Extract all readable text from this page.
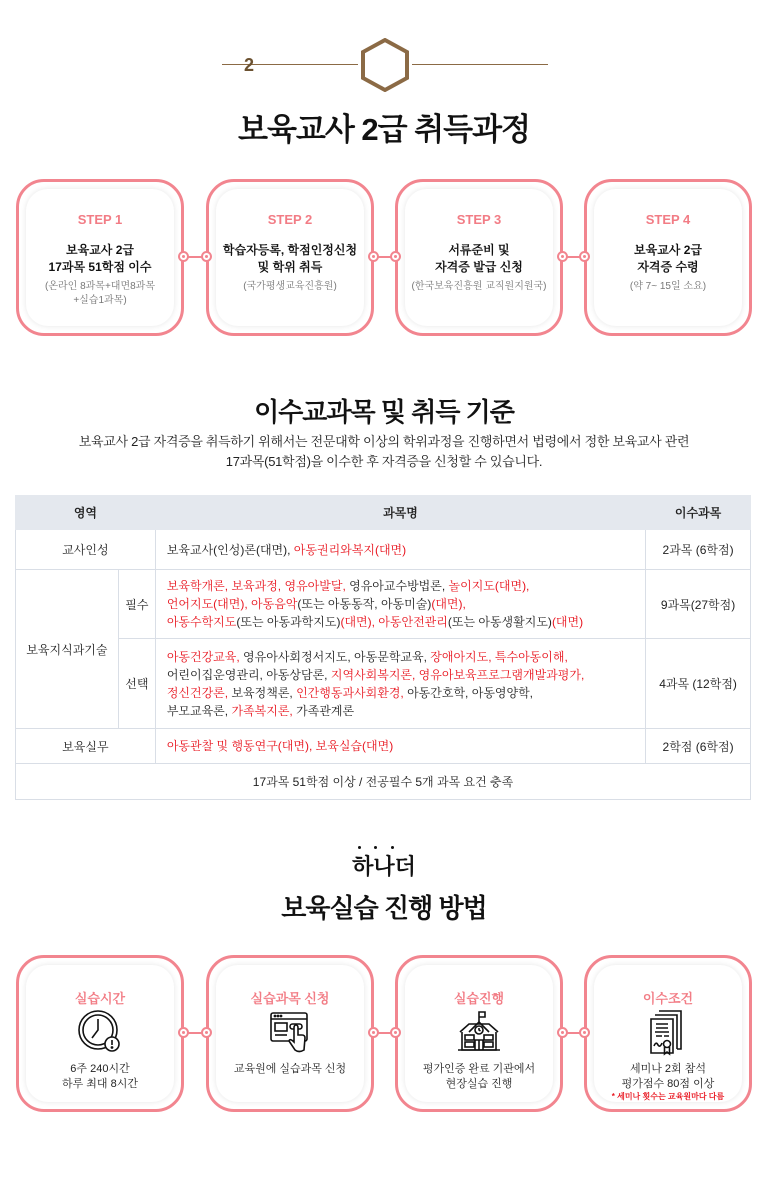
2
보육교사 2급 취득과정
STEP 1
보육교사 2급
17과목 51학점 이수
(온라인 8과목+대면8과목
+실습1과목)
STEP 2
학습자등록, 학점인정신청
및 학위 취득
(국가평생교육진흥원)
STEP 3
서류준비 및
자격증 발급 신청
(한국보육진흥원 교직원지원국)
STEP 4
보육교사 2급
자격증 수령
(약 7~ 15일 소요)
이수교과목 및 취득 기준
보육교사 2급 자격증을 취득하기 위해서는 전문대학 이상의 학위과정을 진행하면서 법령에서 정한 보육교사 관련
17과목(51학점)을 이수한 후 자격증을 신청할 수 있습니다.
영역		과목명	이수과목
교사인성		보육교사(인성)론(대면), 아동권리와복지(대면)	2과목 (6학점)
보육지식과기술	필수	보육학개론, 보육과정, 영유아발달, 영유아교수방법론, 놀이지도(대면),
언어지도(대면), 아동음악(또는 아동동작, 아동미술)(대면),
아동수학지도(또는 아동과학지도)(대면), 아동안전관리(또는 아동생활지도)(대면)	9과목(27학점)
	선택	아동건강교육, 영유아사회정서지도, 아동문학교육, 장애아지도, 특수아동이해,
어린이집운영관리, 아동상담론, 지역사회복지론, 영유아보육프로그램개발과평가,
정신건강론, 보육정책론, 인간행동과사회환경, 아동간호학, 아동영양학,
부모교육론, 가족복지론, 가족관계론	4과목 (12학점)
보육실무		아동관찰 및 행동연구(대면), 보육실습(대면)	2학점 (6학점)
17과목 51학점 이상 / 전공필수 5개 과목 요건 충족			
하나더
보육실습 진행 방법
실습시간
6주 240시간
하루 최대 8시간
실습과목 신청
교육원에 실습과목 신청
실습진행
평가인증 완료 기관에서
현장실습 진행
이수조건
세미나 2회 참석
평가점수 80점 이상
* 세미나 횟수는 교육원마다 다름
